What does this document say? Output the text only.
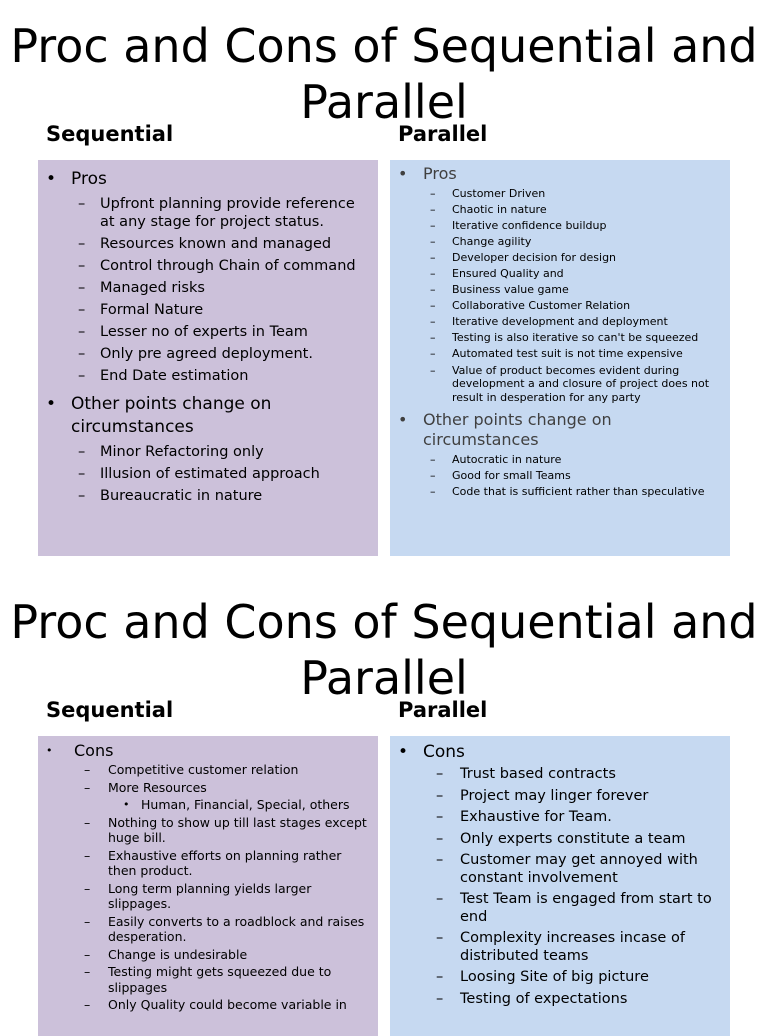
Proc and Cons of Sequential and Parallel
Sequential	Parallel
• Pros
– Upfront planning provide reference at any stage for project status.
– Resources known and managed
– Control through Chain of command
– Managed risks
– Formal Nature
– Lesser no of experts in Team
– Only pre agreed deployment.
– End Date estimation
• Other points change on circumstances
– Minor Refactoring only
– Illusion of estimated approach
– Bureaucratic in nature
• Pros
– Customer Driven
– Chaotic in nature
– Iterative confidence buildup
– Change agility
– Developer decision for design
– Ensured Quality and
– Business value game
– Collaborative Customer Relation
– Iterative development and deployment
– Testing is also iterative so can't be squeezed
– Automated test suit is not time expensive
– Value of product becomes evident during development a and closure of project does not result in desperation for any party
• Other points change on circumstances
– Autocratic in nature
– Good for small Teams
– Code that is sufficient rather than speculative
Proc and Cons of Sequential and Parallel
Sequential	Parallel
• Cons
– Competitive customer relation
– More Resources
• Human, Financial, Special, others
– Nothing to show up till last stages except huge bill.
– Exhaustive efforts on planning rather then product.
– Long term planning yields larger slippages.
– Easily converts to a roadblock and raises desperation.
– Change is undesirable
– Testing might gets squeezed due to slippages
– Only Quality could become variable in
• Cons
– Trust based contracts
– Project may linger forever
– Exhaustive for Team.
– Only experts constitute a team
– Customer may get annoyed with constant involvement
– Test Team is engaged from start to end
– Complexity increases incase of distributed teams
– Loosing Site of big picture
– Testing of expectations
